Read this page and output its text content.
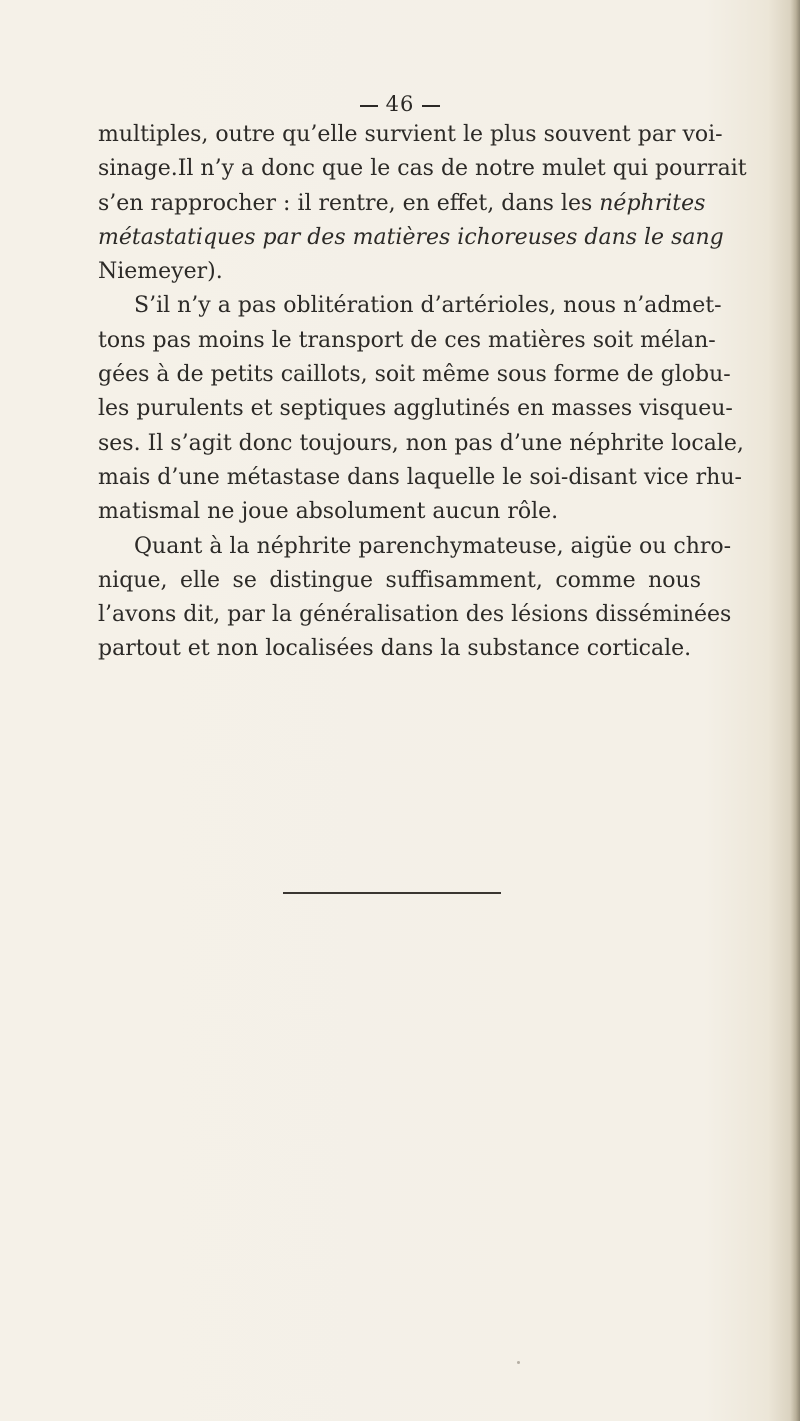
46
multiples, outre qu’elle survient le plus souvent par voi-
sinage.Il n’y a donc que le cas de notre mulet qui pourrait
s’en rapprocher : il rentre, en effet, dans les néphrites
métastatiques par des matières ichoreuses dans le sang
Niemeyer).
S’il n’y a pas oblitération d’artérioles, nous n’admet-
tons pas moins le transport de ces matières soit mélan-
gées à de petits caillots, soit même sous forme de globu-
les purulents et septiques agglutinés en masses visqueu-
ses. Il s’agit donc toujours, non pas d’une néphrite locale,
mais d’une métastase dans laquelle le soi-disant vice rhu-
matismal ne joue absolument aucun rôle.
Quant à la néphrite parenchymateuse, aigüe ou chro-
nique, elle se distingue suffisamment, comme nous
l’avons dit, par la généralisation des lésions disséminées
partout et non localisées dans la substance corticale.
